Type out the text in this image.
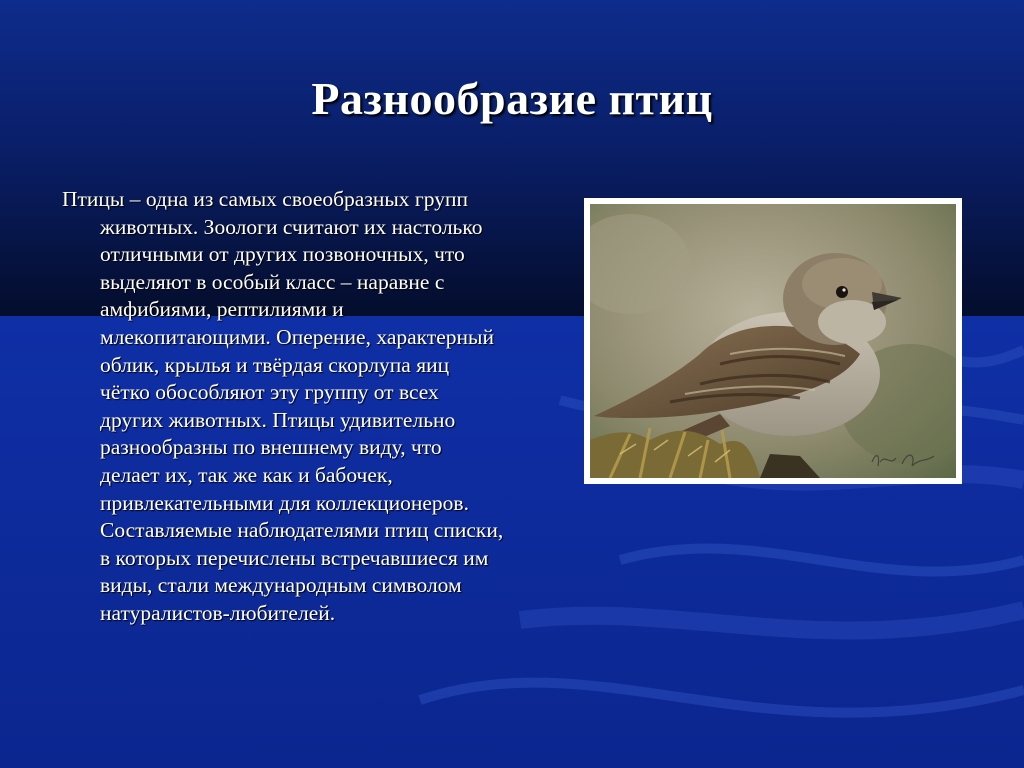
Разнообразие птиц

Птицы – одна из самых своеобразных групп
животных. Зоологи считают их настолько
отличными от других позвоночных, что
выделяют в особый класс – наравне с
амфибиями, рептилиями и
млекопитающими. Оперение, характерный
облик, крылья и твёрдая скорлупа яиц
чётко обособляют эту группу от всех
других животных. Птицы удивительно
разнообразны по внешнему виду, что
делает их, так же как и бабочек,
привлекательными для коллекционеров.
Составляемые наблюдателями птиц списки,
в которых перечислены встречавшиеся им
виды, стали международным символом
натуралистов-любителей.
